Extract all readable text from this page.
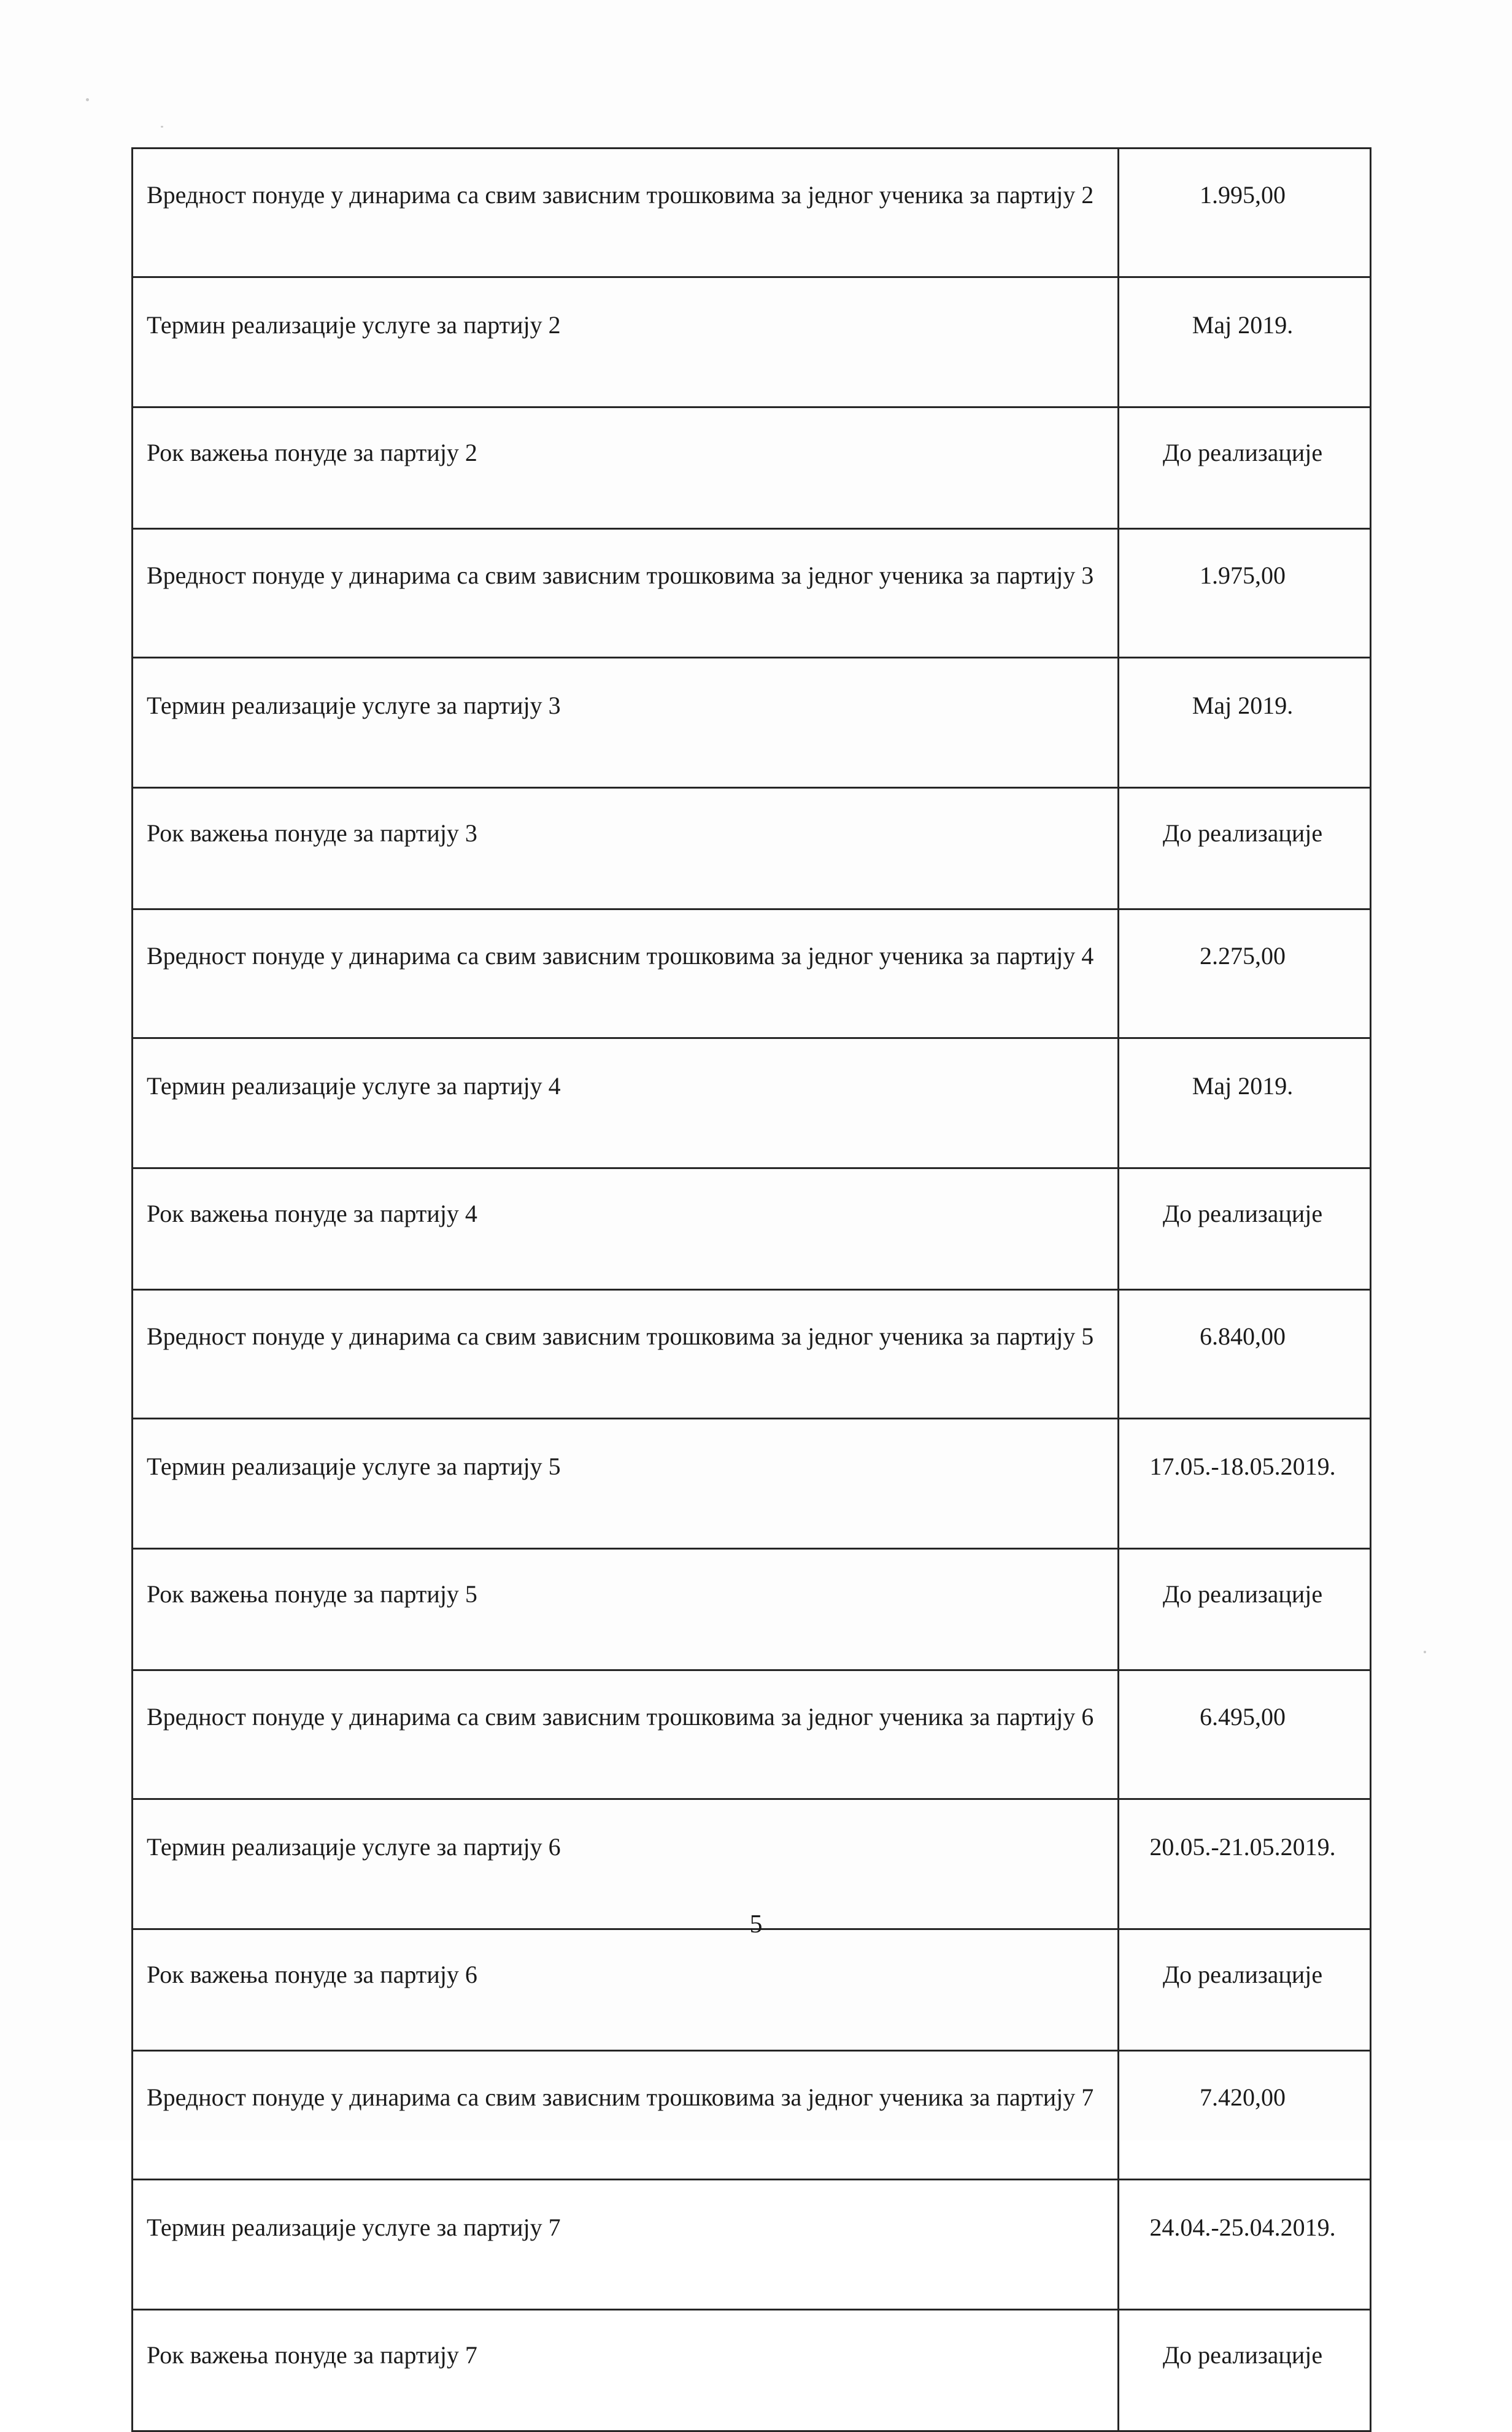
Вредност понуде у динарима са свим зависним трошковима за једног ученика за партију 2	1.995,00
Термин реализације услуге за партију 2	Мај 2019.
Рок важења понуде за партију 2	До реализације
Вредност понуде у динарима са свим зависним трошковима за једног ученика за партију 3	1.975,00
Термин реализације услуге за партију 3	Мај 2019.
Рок важења понуде за партију 3	До реализације
Вредност понуде у динарима са свим зависним трошковима за једног ученика за партију 4	2.275,00
Термин реализације услуге за партију 4	Мај 2019.
Рок важења понуде за партију 4	До реализације
Вредност понуде у динарима са свим зависним трошковима за једног ученика за партију 5	6.840,00
Термин реализације услуге за партију 5	17.05.-18.05.2019.
Рок важења понуде за партију 5	До реализације
Вредност понуде у динарима са свим зависним трошковима за једног ученика за партију 6	6.495,00
Термин реализације услуге за партију 6	20.05.-21.05.2019.
Рок важења понуде за партију 6	До реализације
Вредност понуде у динарима са свим зависним трошковима за једног ученика за партију 7	7.420,00
Термин реализације услуге за партију 7	24.04.-25.04.2019.
Рок важења понуде за партију 7	До реализације
5
